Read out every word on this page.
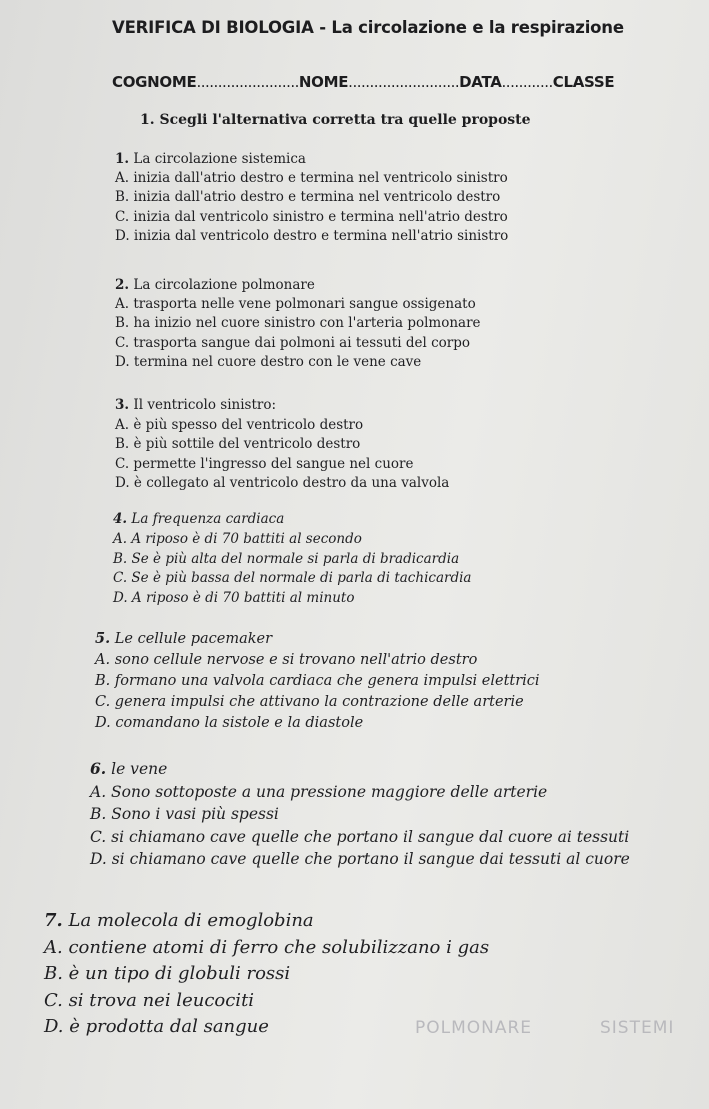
VERIFICA DI BIOLOGIA - La circolazione e la respirazione
COGNOME........................NOME..........................DATA............CLASSE
1. Scegli l'alternativa corretta tra quelle proposte
1. La circolazione sistemica
A. inizia dall'atrio destro e termina nel ventricolo sinistro
B. inizia dall'atrio destro e termina nel ventricolo destro
C. inizia dal ventricolo sinistro e termina nell'atrio destro
D. inizia dal ventricolo destro e termina nell'atrio sinistro
2. La circolazione polmonare
A. trasporta nelle vene polmonari sangue ossigenato
B. ha inizio nel cuore sinistro con l'arteria polmonare
C. trasporta sangue dai polmoni ai tessuti del corpo
D. termina nel cuore destro con le vene cave
3. Il ventricolo sinistro:
A. è più spesso del ventricolo destro
B. è più sottile del ventricolo destro
C. permette l'ingresso del sangue nel cuore
D. è collegato al ventricolo destro da una valvola
4. La frequenza cardiaca
A. A riposo è di 70 battiti al secondo
B. Se è più alta del normale si parla di bradicardia
C. Se è più bassa del normale di parla di tachicardia
D. A riposo è di 70 battiti al minuto
5. Le cellule pacemaker
A. sono cellule nervose e si trovano nell'atrio destro
B. formano una valvola cardiaca che genera impulsi elettrici
C. genera impulsi che attivano la contrazione delle arterie
D. comandano la sistole e la diastole
6. le vene
A. Sono sottoposte a una pressione maggiore delle arterie
B. Sono i vasi più spessi
C. si chiamano cave quelle che portano il sangue dal cuore ai tessuti
D. si chiamano cave quelle che portano il sangue dai tessuti al cuore
7. La molecola di emoglobina
A. contiene atomi di ferro che solubilizzano i gas
B. è un tipo di globuli rossi
C. si trova nei leucociti
D. è prodotta dal sangue	POLMONARE	SISTEMI
